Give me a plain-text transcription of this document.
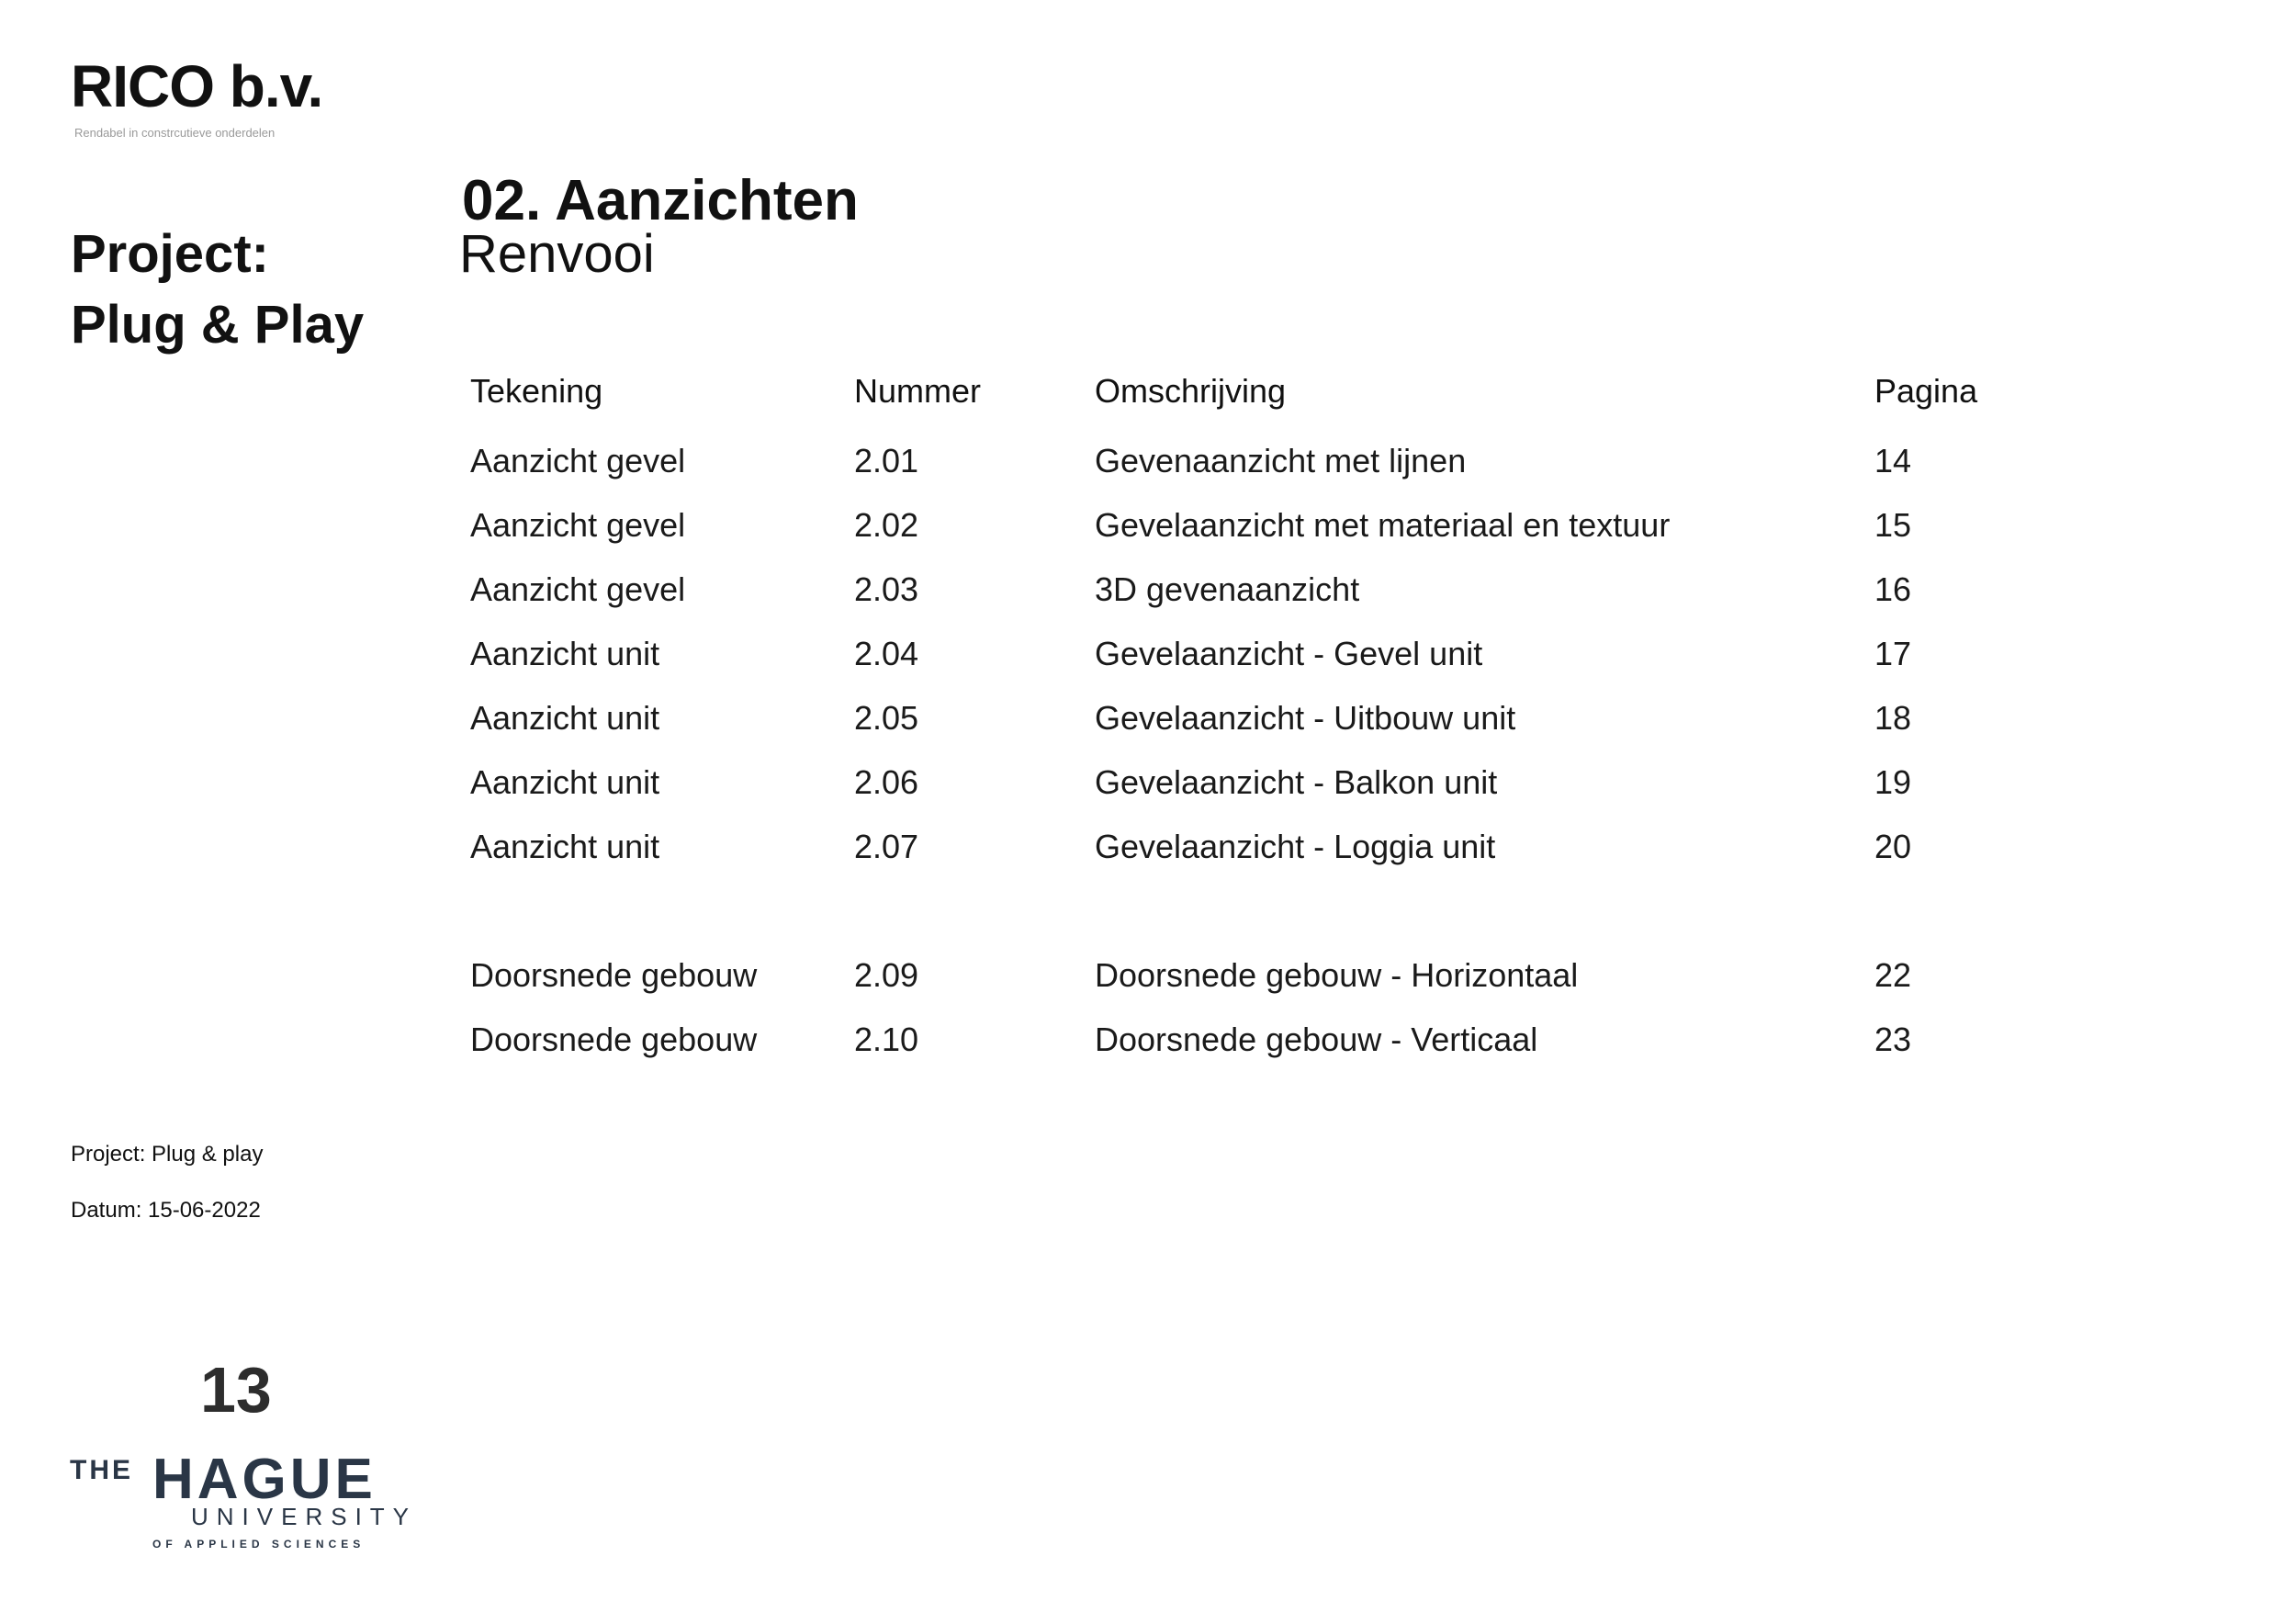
RICO b.v.
Rendabel in constrcutieve onderdelen
Project:
Plug & Play
02. Aanzichten
Renvooi
Tekening	Nummer	Omschrijving	Pagina
Aanzicht gevel	2.01	Gevenaanzicht met lijnen	14
Aanzicht gevel	2.02	Gevelaanzicht met materiaal en textuur	15
Aanzicht gevel	2.03	3D gevenaanzicht	16
Aanzicht unit	2.04	Gevelaanzicht - Gevel unit	17
Aanzicht unit	2.05	Gevelaanzicht - Uitbouw unit	18
Aanzicht unit	2.06	Gevelaanzicht - Balkon unit	19
Aanzicht unit	2.07	Gevelaanzicht - Loggia unit	20
Doorsnede gebouw	2.09	Doorsnede gebouw - Horizontaal	22
Doorsnede gebouw	2.10	Doorsnede gebouw - Verticaal	23
Project: Plug & play
Datum: 15-06-2022
13
THE HAGUE
UNIVERSITY
OF APPLIED SCIENCES
